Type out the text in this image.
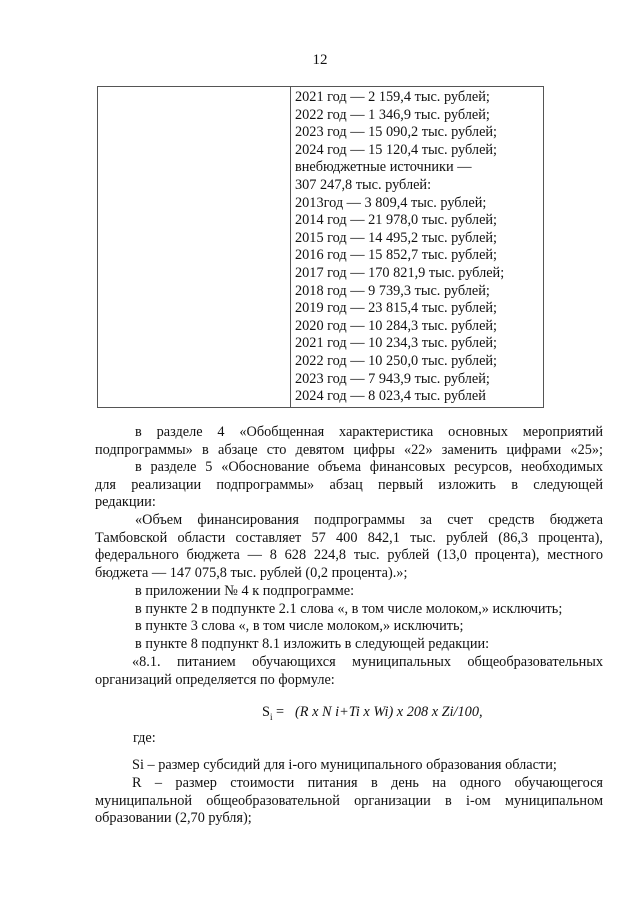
12
2021 год — 2 159,4 тыс. рублей;
2022 год — 1 346,9 тыс. рублей;
2023 год — 15 090,2 тыс. рублей;
2024 год — 15 120,4 тыс. рублей;
внебюджетные источники —
307 247,8 тыс. рублей:
2013год — 3 809,4 тыс. рублей;
2014 год — 21 978,0 тыс. рублей;
2015 год — 14 495,2 тыс. рублей;
2016 год — 15 852,7 тыс. рублей;
2017 год — 170 821,9 тыс. рублей;
2018 год — 9 739,3 тыс. рублей;
2019 год — 23 815,4 тыс. рублей;
2020 год — 10 284,3 тыс. рублей;
2021 год — 10 234,3 тыс. рублей;
2022 год — 10 250,0 тыс. рублей;
2023 год — 7 943,9 тыс. рублей;
2024 год — 8 023,4 тыс. рублей
в разделе 4 «Обобщенная характеристика основных мероприятий
подпрограммы» в абзаце сто девятом цифры «22» заменить цифрами «25»;
в разделе 5 «Обоснование объема финансовых ресурсов, необходимых
для реализации подпрограммы» абзац первый изложить в следующей
редакции:
«Объем финансирования подпрограммы за счет средств бюджета
Тамбовской области составляет 57 400 842,1 тыс. рублей (86,3 процента),
федерального бюджета — 8 628 224,8 тыс. рублей (13,0 процента), местного
бюджета — 147 075,8 тыс. рублей (0,2 процента).»;
в приложении № 4 к подпрограмме:
в пункте 2 в подпункте 2.1 слова «, в том числе молоком,» исключить;
в пункте 3 слова «, в том числе молоком,» исключить;
в пункте 8 подпункт 8.1 изложить в следующей редакции:
«8.1. питанием обучающихся муниципальных общеобразовательных
организаций определяется по формуле:
$S_i = (R$ x N i+Ti x Wi) x 208 x Zi/100,
где:
Si – размер субсидий для i-ого муниципального образования области;
R – размер стоимости питания в день на одного обучающегося
муниципальной общеобразовательной организации в i-ом муниципальном
образовании (2,70 рубля);
